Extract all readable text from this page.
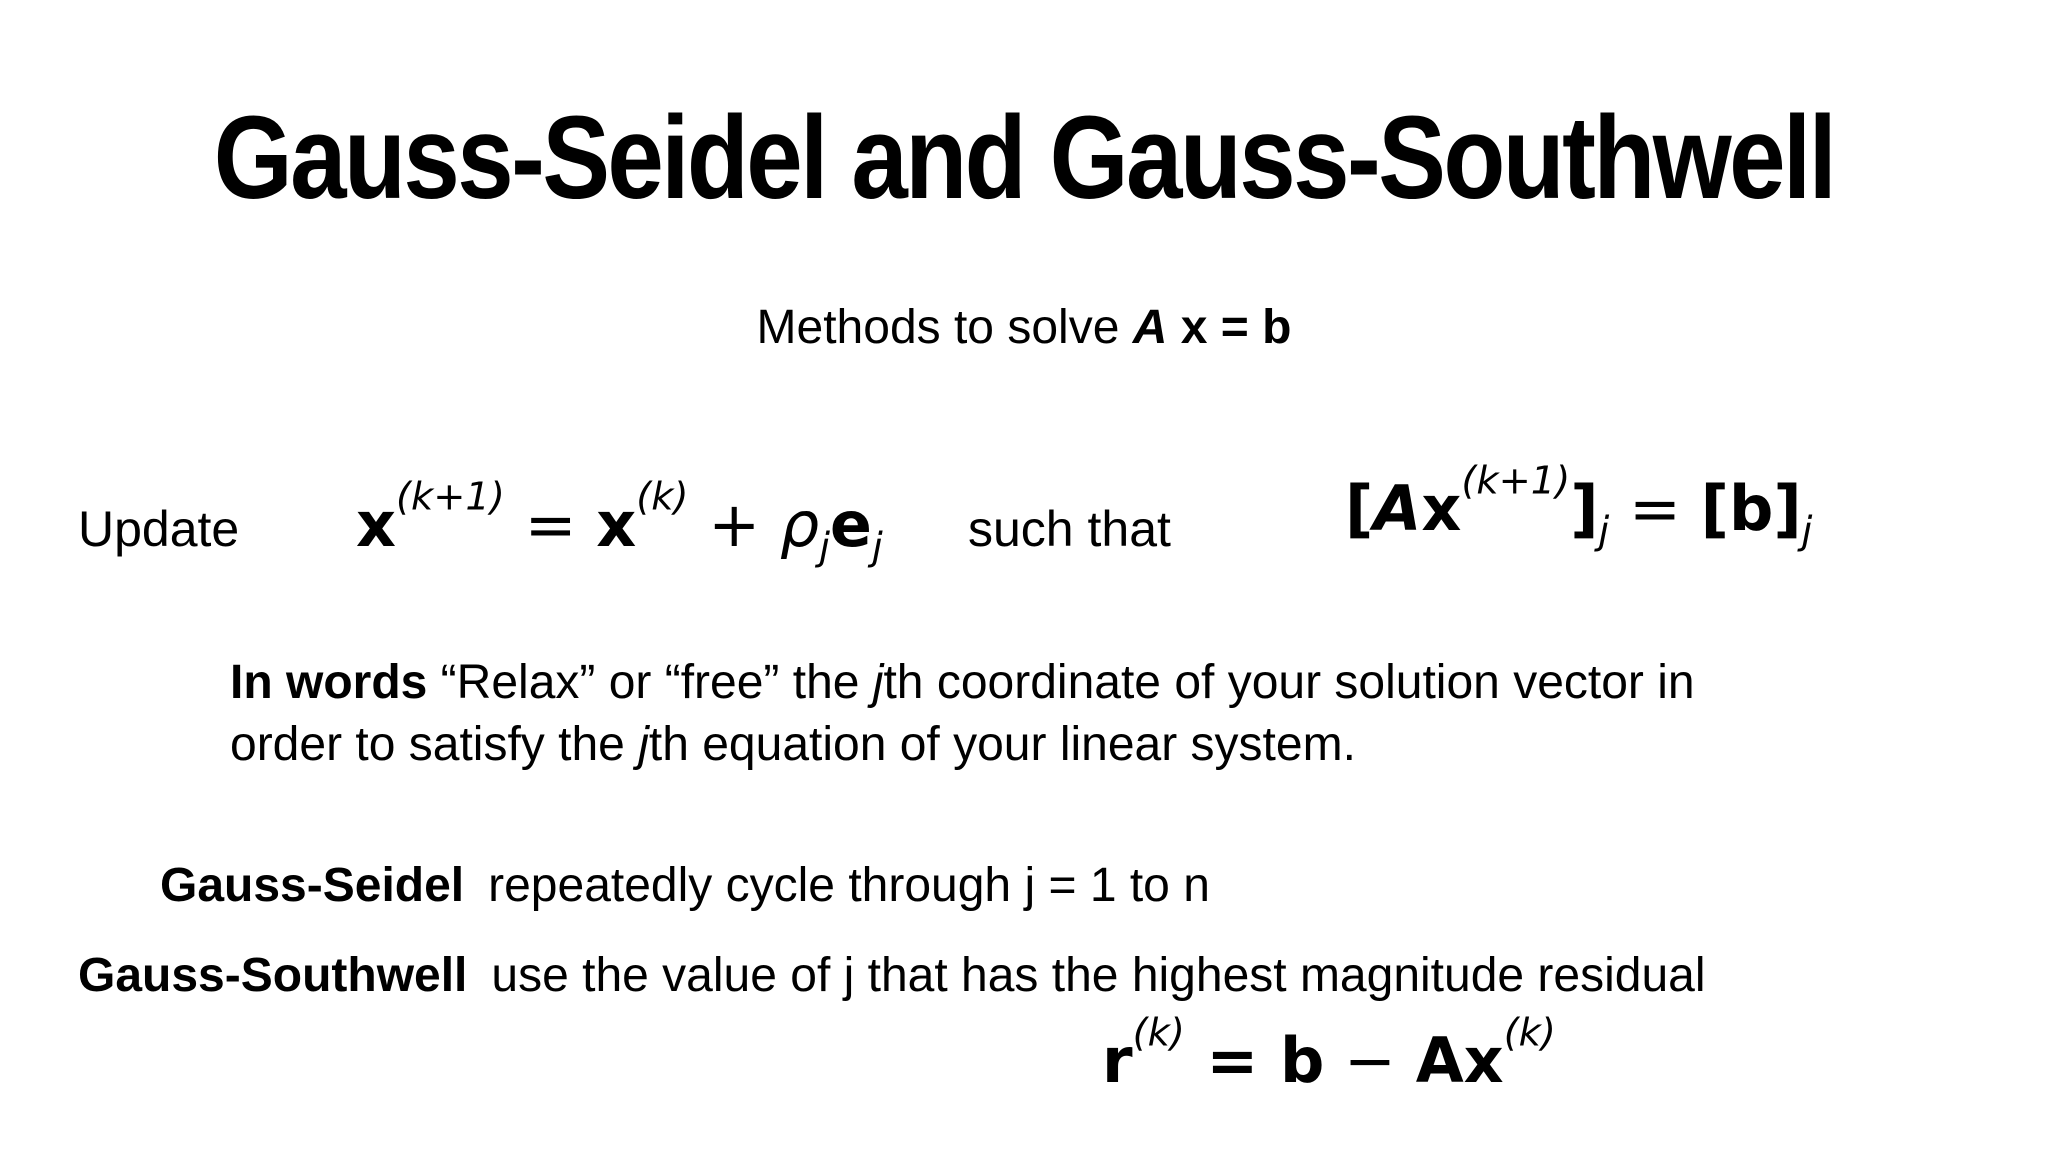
Gauss-Seidel and Gauss-Southwell
Methods to solve A x = b
Update $x^{(k+1)} = x^{(k)} + \rho_je_j$ such that	$[Ax^{(k+1)}]_j = [b]_j$
In words “Relax” or “free” the jth coordinate of your solution vector in
order to satisfy the jth equation of your linear system.
Gauss-Seidel repeatedly cycle through j = 1 to n
Gauss-Southwell use the value of j that has the highest magnitude residual
$r^{(k)} = b - Ax^{(k)}$
